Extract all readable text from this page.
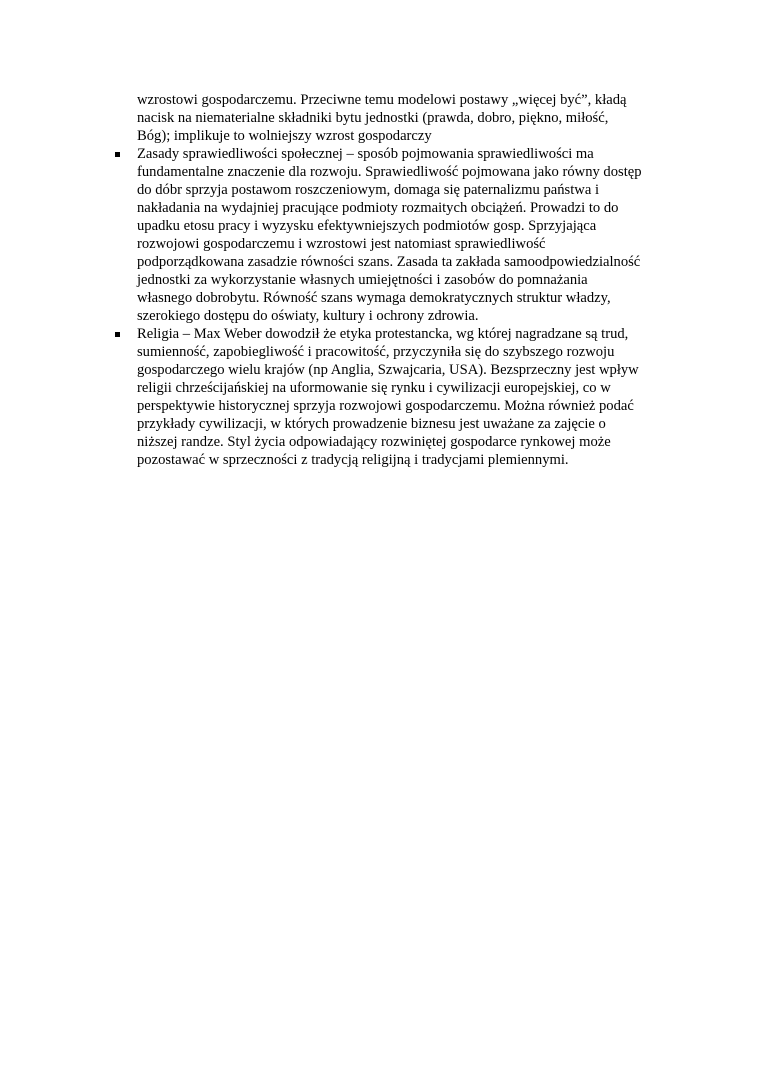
wzrostowi gospodarczemu. Przeciwne temu modelowi postawy „więcej być”, kładą
nacisk na niematerialne składniki bytu jednostki (prawda, dobro, piękno, miłość,
Bóg); implikuje to wolniejszy wzrost gospodarczy
Zasady sprawiedliwości społecznej – sposób pojmowania sprawiedliwości ma
fundamentalne znaczenie dla rozwoju. Sprawiedliwość pojmowana jako równy dostęp
do dóbr sprzyja postawom roszczeniowym, domaga się paternalizmu państwa i
nakładania na wydajniej pracujące podmioty rozmaitych obciążeń. Prowadzi to do
upadku etosu pracy i wyzysku efektywniejszych podmiotów gosp. Sprzyjająca
rozwojowi gospodarczemu i wzrostowi jest natomiast sprawiedliwość
podporządkowana zasadzie równości szans. Zasada ta zakłada samoodpowiedzialność
jednostki za wykorzystanie własnych umiejętności i zasobów do pomnażania
własnego dobrobytu. Równość szans wymaga demokratycznych struktur władzy,
szerokiego dostępu do oświaty, kultury i ochrony zdrowia.
Religia – Max Weber dowodził że etyka protestancka, wg której nagradzane są trud,
sumienność, zapobiegliwość i pracowitość, przyczyniła się do szybszego rozwoju
gospodarczego wielu krajów (np Anglia, Szwajcaria, USA). Bezsprzeczny jest wpływ
religii chrześcijańskiej na uformowanie się rynku i cywilizacji europejskiej, co w
perspektywie historycznej sprzyja rozwojowi gospodarczemu. Można również podać
przykłady cywilizacji, w których prowadzenie biznesu jest uważane za zajęcie o
niższej randze. Styl życia odpowiadający rozwiniętej gospodarce rynkowej może
pozostawać w sprzeczności z tradycją religijną i tradycjami plemiennymi.
